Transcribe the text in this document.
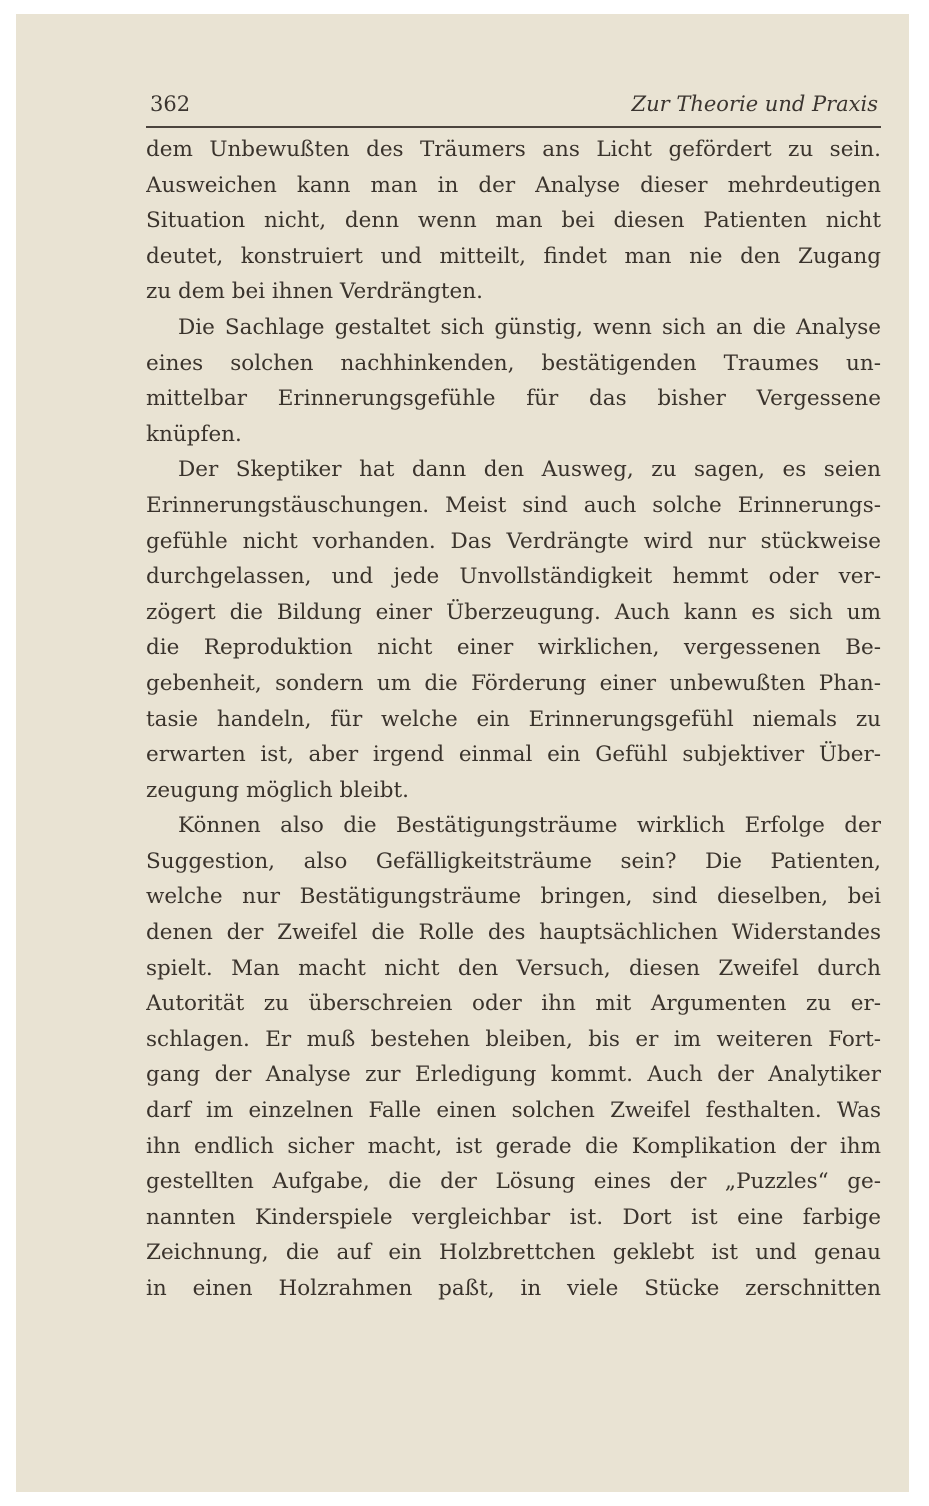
362	Zur Theorie und Praxis
dem Unbewußten des Träumers ans Licht gefördert zu sein.
Ausweichen kann man in der Analyse dieser mehrdeutigen
Situation nicht, denn wenn man bei diesen Patienten nicht
deutet, konstruiert und mitteilt, findet man nie den Zugang
zu dem bei ihnen Verdrängten.
Die Sachlage gestaltet sich günstig, wenn sich an die Analyse
eines solchen nachhinkenden, bestätigenden Traumes un-
mittelbar Erinnerungsgefühle für das bisher Vergessene
knüpfen.
Der Skeptiker hat dann den Ausweg, zu sagen, es seien
Erinnerungstäuschungen. Meist sind auch solche Erinnerungs-
gefühle nicht vorhanden. Das Verdrängte wird nur stückweise
durchgelassen, und jede Unvollständigkeit hemmt oder ver-
zögert die Bildung einer Überzeugung. Auch kann es sich um
die Reproduktion nicht einer wirklichen, vergessenen Be-
gebenheit, sondern um die Förderung einer unbewußten Phan-
tasie handeln, für welche ein Erinnerungsgefühl niemals zu
erwarten ist, aber irgend einmal ein Gefühl subjektiver Über-
zeugung möglich bleibt.
Können also die Bestätigungsträume wirklich Erfolge der
Suggestion, also Gefälligkeitsträume sein? Die Patienten,
welche nur Bestätigungsträume bringen, sind dieselben, bei
denen der Zweifel die Rolle des hauptsächlichen Widerstandes
spielt. Man macht nicht den Versuch, diesen Zweifel durch
Autorität zu überschreien oder ihn mit Argumenten zu er-
schlagen. Er muß bestehen bleiben, bis er im weiteren Fort-
gang der Analyse zur Erledigung kommt. Auch der Analytiker
darf im einzelnen Falle einen solchen Zweifel festhalten. Was
ihn endlich sicher macht, ist gerade die Komplikation der ihm
gestellten Aufgabe, die der Lösung eines der „Puzzles“ ge-
nannten Kinderspiele vergleichbar ist. Dort ist eine farbige
Zeichnung, die auf ein Holzbrettchen geklebt ist und genau
in einen Holzrahmen paßt, in viele Stücke zerschnitten
